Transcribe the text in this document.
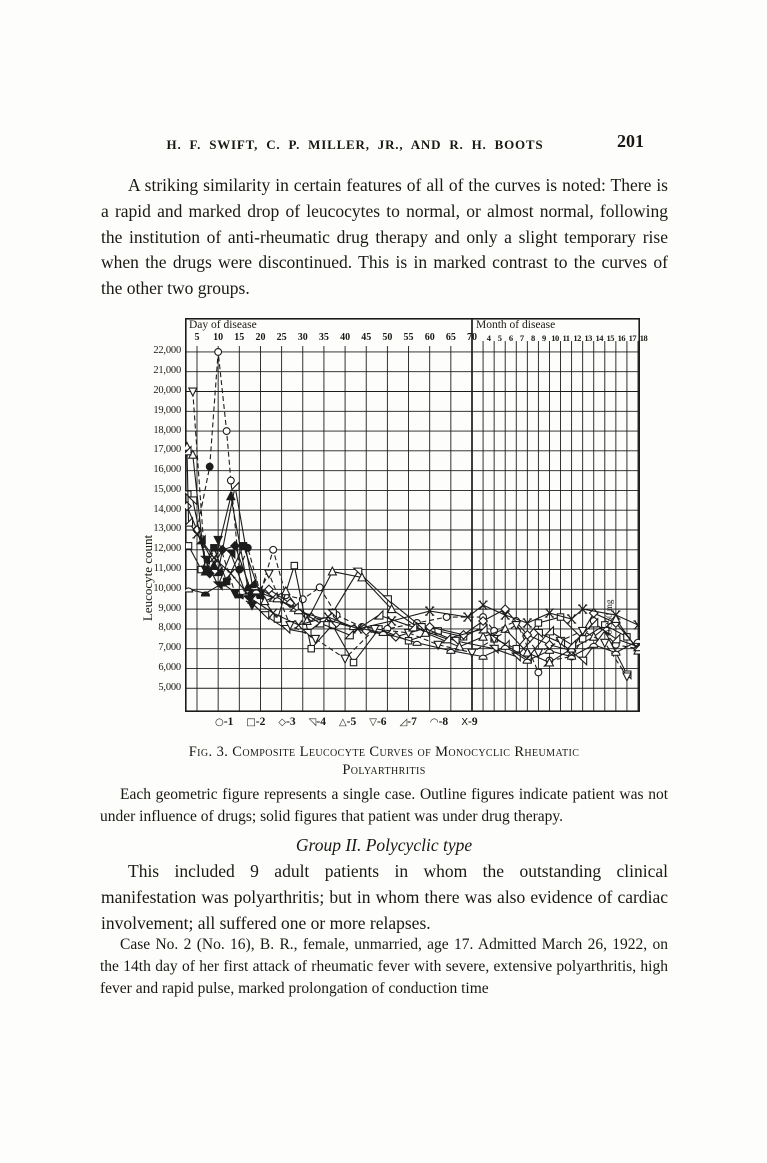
H. F. SWIFT, C. P. MILLER, JR., AND R. H. BOOTS	201
A striking similarity in certain features of all of the curves is noted: There is a rapid and marked drop of leucocytes to normal, or almost normal, following the institution of anti-rheumatic drug therapy and only a slight temporary rise when the drugs were discontinued. This is in marked contrast to the curves of the other two groups.
Leucocyte count	0-350 mg
Day of disease	Month of disease
○-1 □-2 ◇-3 ◹-4 △-5 ▽-6 ◿-7 ◠-8 Ⅹ-9
22,000
21,000
20,000
19,000
18,000
17,000
16,000
15,000
14,000
13,000
12,000
11,000
10,000
9,000
8,000
7,000
6,000
5,000
5	10	15	20	25	30	35	40	45	50	55	60	65	70	4 5 6 7 8 9 10 11 12 13 14 15 16 17 18
Fig. 3. Composite Leucocyte Curves of Monocyclic Rheumatic
Polyarthritis
Each geometric figure represents a single case. Outline figures indicate patient was not under influence of drugs; solid figures that patient was under drug therapy.
Group II. Polycyclic type
This included 9 adult patients in whom the outstanding clinical manifestation was polyarthritis; but in whom there was also evidence of cardiac involvement; all suffered one or more relapses.
Case No. 2 (No. 16), B. R., female, unmarried, age 17. Admitted March 26, 1922, on the 14th day of her first attack of rheumatic fever with severe, extensive polyarthritis, high fever and rapid pulse, marked prolongation of conduction time
